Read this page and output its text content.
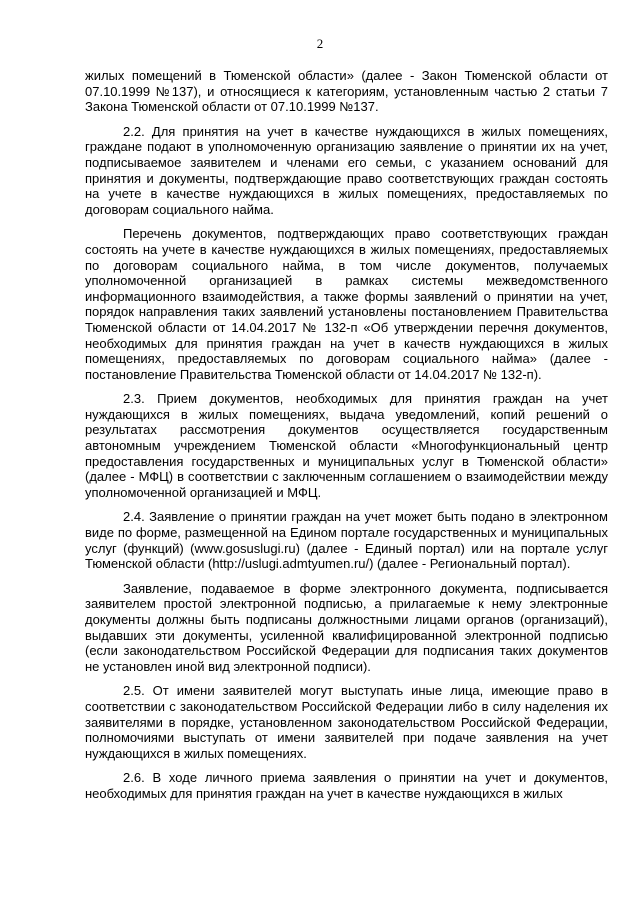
2

жилых помещений в Тюменской области» (далее - Закон Тюменской области от 07.10.1999 №137), и относящиеся к категориям, установленным частью 2 статьи 7 Закона Тюменской области от 07.10.1999 №137.

2.2. Для принятия на учет в качестве нуждающихся в жилых помещениях, граждане подают в уполномоченную организацию заявление о принятии их на учет, подписываемое заявителем и членами его семьи, с указанием оснований для принятия и документы, подтверждающие право соответствующих граждан состоять на учете в качестве нуждающихся в жилых помещениях, предоставляемых по договорам социального найма.

Перечень документов, подтверждающих право соответствующих граждан состоять на учете в качестве нуждающихся в жилых помещениях, предоставляемых по договорам социального найма, в том числе документов, получаемых уполномоченной организацией в рамках системы межведомственного информационного взаимодействия, а также формы заявлений о принятии на учет, порядок направления таких заявлений установлены постановлением Правительства Тюменской области от 14.04.2017 № 132-п «Об утверждении перечня документов, необходимых для принятия граждан на учет в качеств нуждающихся в жилых помещениях, предоставляемых по договорам социального найма» (далее - постановление Правительства Тюменской области от 14.04.2017 № 132-п).

2.3. Прием документов, необходимых для принятия граждан на учет нуждающихся в жилых помещениях, выдача уведомлений, копий решений о результатах рассмотрения документов осуществляется государственным автономным учреждением Тюменской области «Многофункциональный центр предоставления государственных и муниципальных услуг в Тюменской области» (далее - МФЦ) в соответствии с заключенным соглашением о взаимодействии между уполномоченной организацией и МФЦ.

2.4. Заявление о принятии граждан на учет может быть подано в электронном виде по форме, размещенной на Едином портале государственных и муниципальных услуг (функций) (www.gosuslugi.ru) (далее - Единый портал) или на портале услуг Тюменской области (http://uslugi.admtyumen.ru/) (далее - Региональный портал).

Заявление, подаваемое в форме электронного документа, подписывается заявителем простой электронной подписью, а прилагаемые к нему электронные документы должны быть подписаны должностными лицами органов (организаций), выдавших эти документы, усиленной квалифицированной электронной подписью (если законодательством Российской Федерации для подписания таких документов не установлен иной вид электронной подписи).

2.5. От имени заявителей могут выступать иные лица, имеющие право в соответствии с законодательством Российской Федерации либо в силу наделения их заявителями в порядке, установленном законодательством Российской Федерации, полномочиями выступать от имени заявителей при подаче заявления на учет нуждающихся в жилых помещениях.

2.6. В ходе личного приема заявления о принятии на учет и документов, необходимых для принятия граждан на учет в качестве нуждающихся в жилых
